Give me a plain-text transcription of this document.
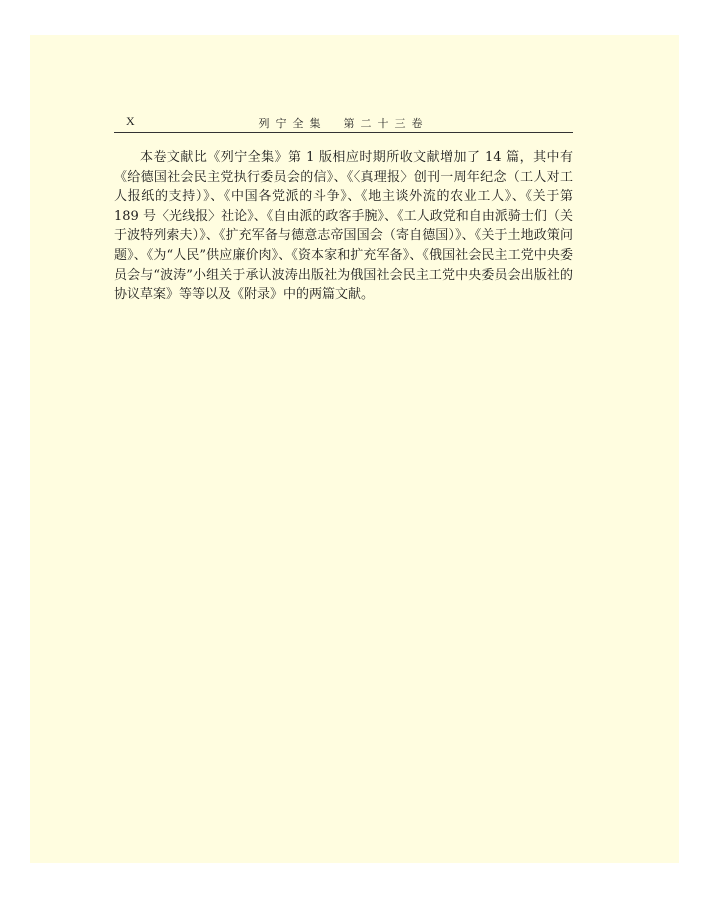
X	列宁全集　第二十三卷

本卷文献比《列宁全集》第 1 版相应时期所收文献增加了 14 篇，其中有《给德国社会民主党执行委员会的信》、《〈真理报〉创刊一周年纪念（工人对工人报纸的支持）》、《中国各党派的斗争》、《地主谈外流的农业工人》、《关于第 189 号〈光线报〉社论》、《自由派的政客手腕》、《工人政党和自由派骑士们（关于波特列索夫）》、《扩充军备与德意志帝国国会（寄自德国）》、《关于土地政策问题》、《为“人民”供应廉价肉》、《资本家和扩充军备》、《俄国社会民主工党中央委员会与“波涛”小组关于承认波涛出版社为俄国社会民主工党中央委员会出版社的协议草案》等等以及《附录》中的两篇文献。
